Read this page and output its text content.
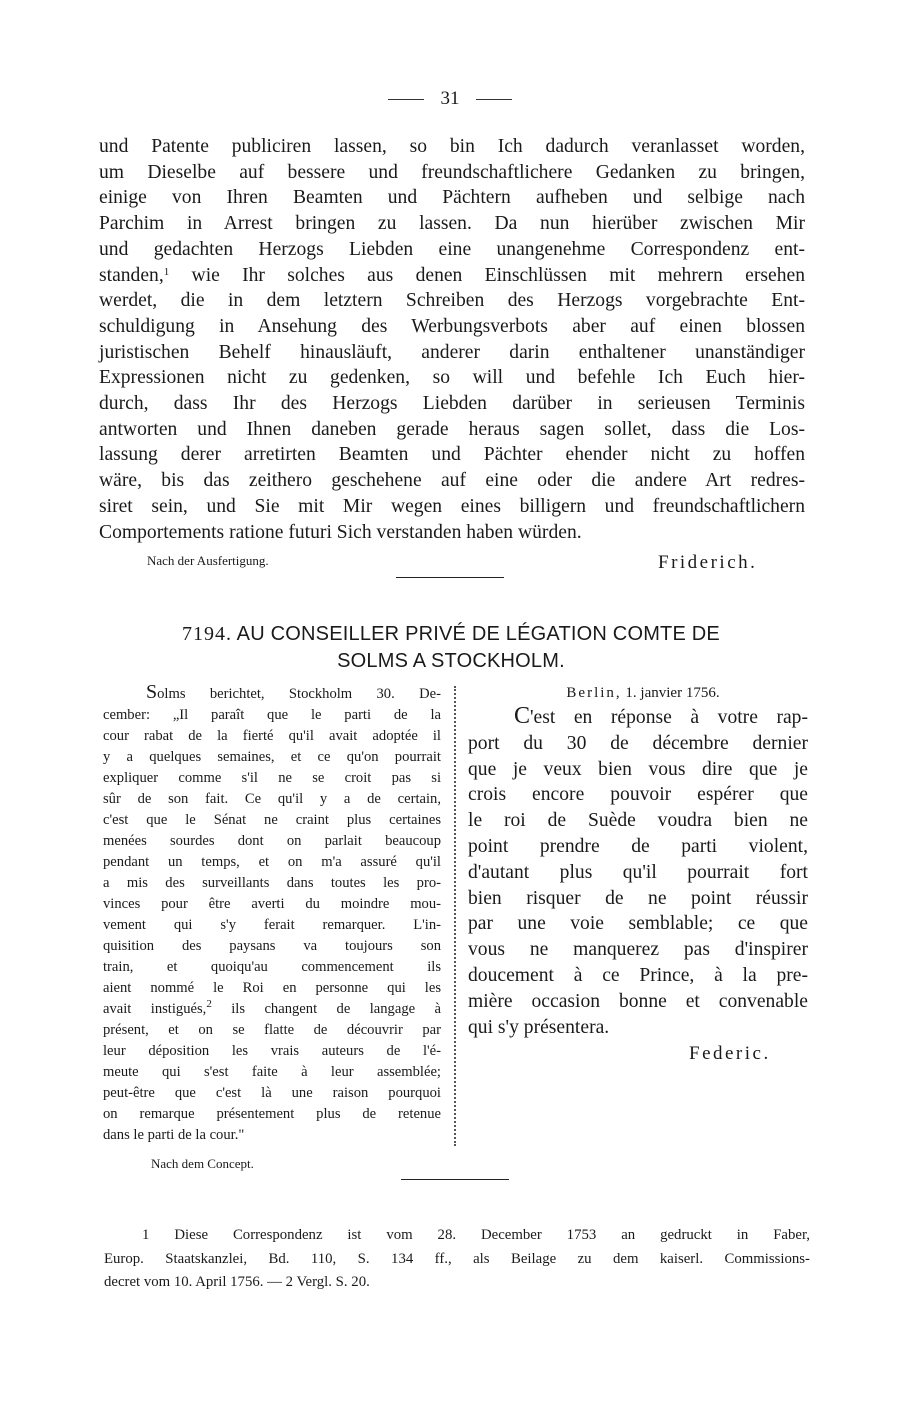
31
und Patente publiciren lassen, so bin Ich dadurch veranlasset worden,
um Dieselbe auf bessere und freundschaftlichere Gedanken zu bringen,
einige von Ihren Beamten und Pächtern aufheben und selbige nach
Parchim in Arrest bringen zu lassen. Da nun hierüber zwischen Mir
und gedachten Herzogs Liebden eine unangenehme Correspondenz ent-
standen,$^1$ wie Ihr solches aus denen Einschlüssen mit mehrern ersehen
werdet, die in dem letztern Schreiben des Herzogs vorgebrachte Ent-
schuldigung in Ansehung des Werbungsverbots aber auf einen blossen
juristischen Behelf hinausläuft, anderer darin enthaltener unanständiger
Expressionen nicht zu gedenken, so will und befehle Ich Euch hier-
durch, dass Ihr des Herzogs Liebden darüber in serieusen Terminis
antworten und Ihnen daneben gerade heraus sagen sollet, dass die Los-
lassung derer arretirten Beamten und Pächter ehender nicht zu hoffen
wäre, bis das zeithero geschehene auf eine oder die andere Art redres-
siret sein, und Sie mit Mir wegen eines billigern und freundschaftlichern
Comportements ratione futuri Sich verstanden haben würden.
Nach der Ausfertigung.	Friderich.
7194. AU CONSEILLER PRIVÉ DE LÉGATION COMTE DE
SOLMS A STOCKHOLM.
Solms berichtet, Stockholm 30. De-
cember: „Il paraît que le parti de la
cour rabat de la fierté qu'il avait adoptée il
y a quelques semaines, et ce qu'on pourrait
expliquer comme s'il ne se croit pas si
sûr de son fait. Ce qu'il y a de certain,
c'est que le Sénat ne craint plus certaines
menées sourdes dont on parlait beaucoup
pendant un temps, et on m'a assuré qu'il
a mis des surveillants dans toutes les pro-
vinces pour être averti du moindre mou-
vement qui s'y ferait remarquer. L'in-
quisition des paysans va toujours son
train, et quoiqu'au commencement ils
aient nommé le Roi en personne qui les
avait instigués,$^2$ ils changent de langage à
présent, et on se flatte de découvrir par
leur déposition les vrais auteurs de l'é-
meute qui s'est faite à leur assemblée;
peut-être que c'est là une raison pourquoi
on remarque présentement plus de retenue
dans le parti de la cour."
Berlin, 1. janvier 1756.
C'est en réponse à votre rap-
port du 30 de décembre dernier
que je veux bien vous dire que je
crois encore pouvoir espérer que
le roi de Suède voudra bien ne
point prendre de parti violent,
d'autant plus qu'il pourrait fort
bien risquer de ne point réussir
par une voie semblable; ce que
vous ne manquerez pas d'inspirer
doucement à ce Prince, à la pre-
mière occasion bonne et convenable
qui s'y présentera.
Federic.
Nach dem Concept.
1 Diese Correspondenz ist vom 28. December 1753 an gedruckt in Faber,
Europ. Staatskanzlei, Bd. 110, S. 134 ff., als Beilage zu dem kaiserl. Commissions-
decret vom 10. April 1756. — 2 Vergl. S. 20.
